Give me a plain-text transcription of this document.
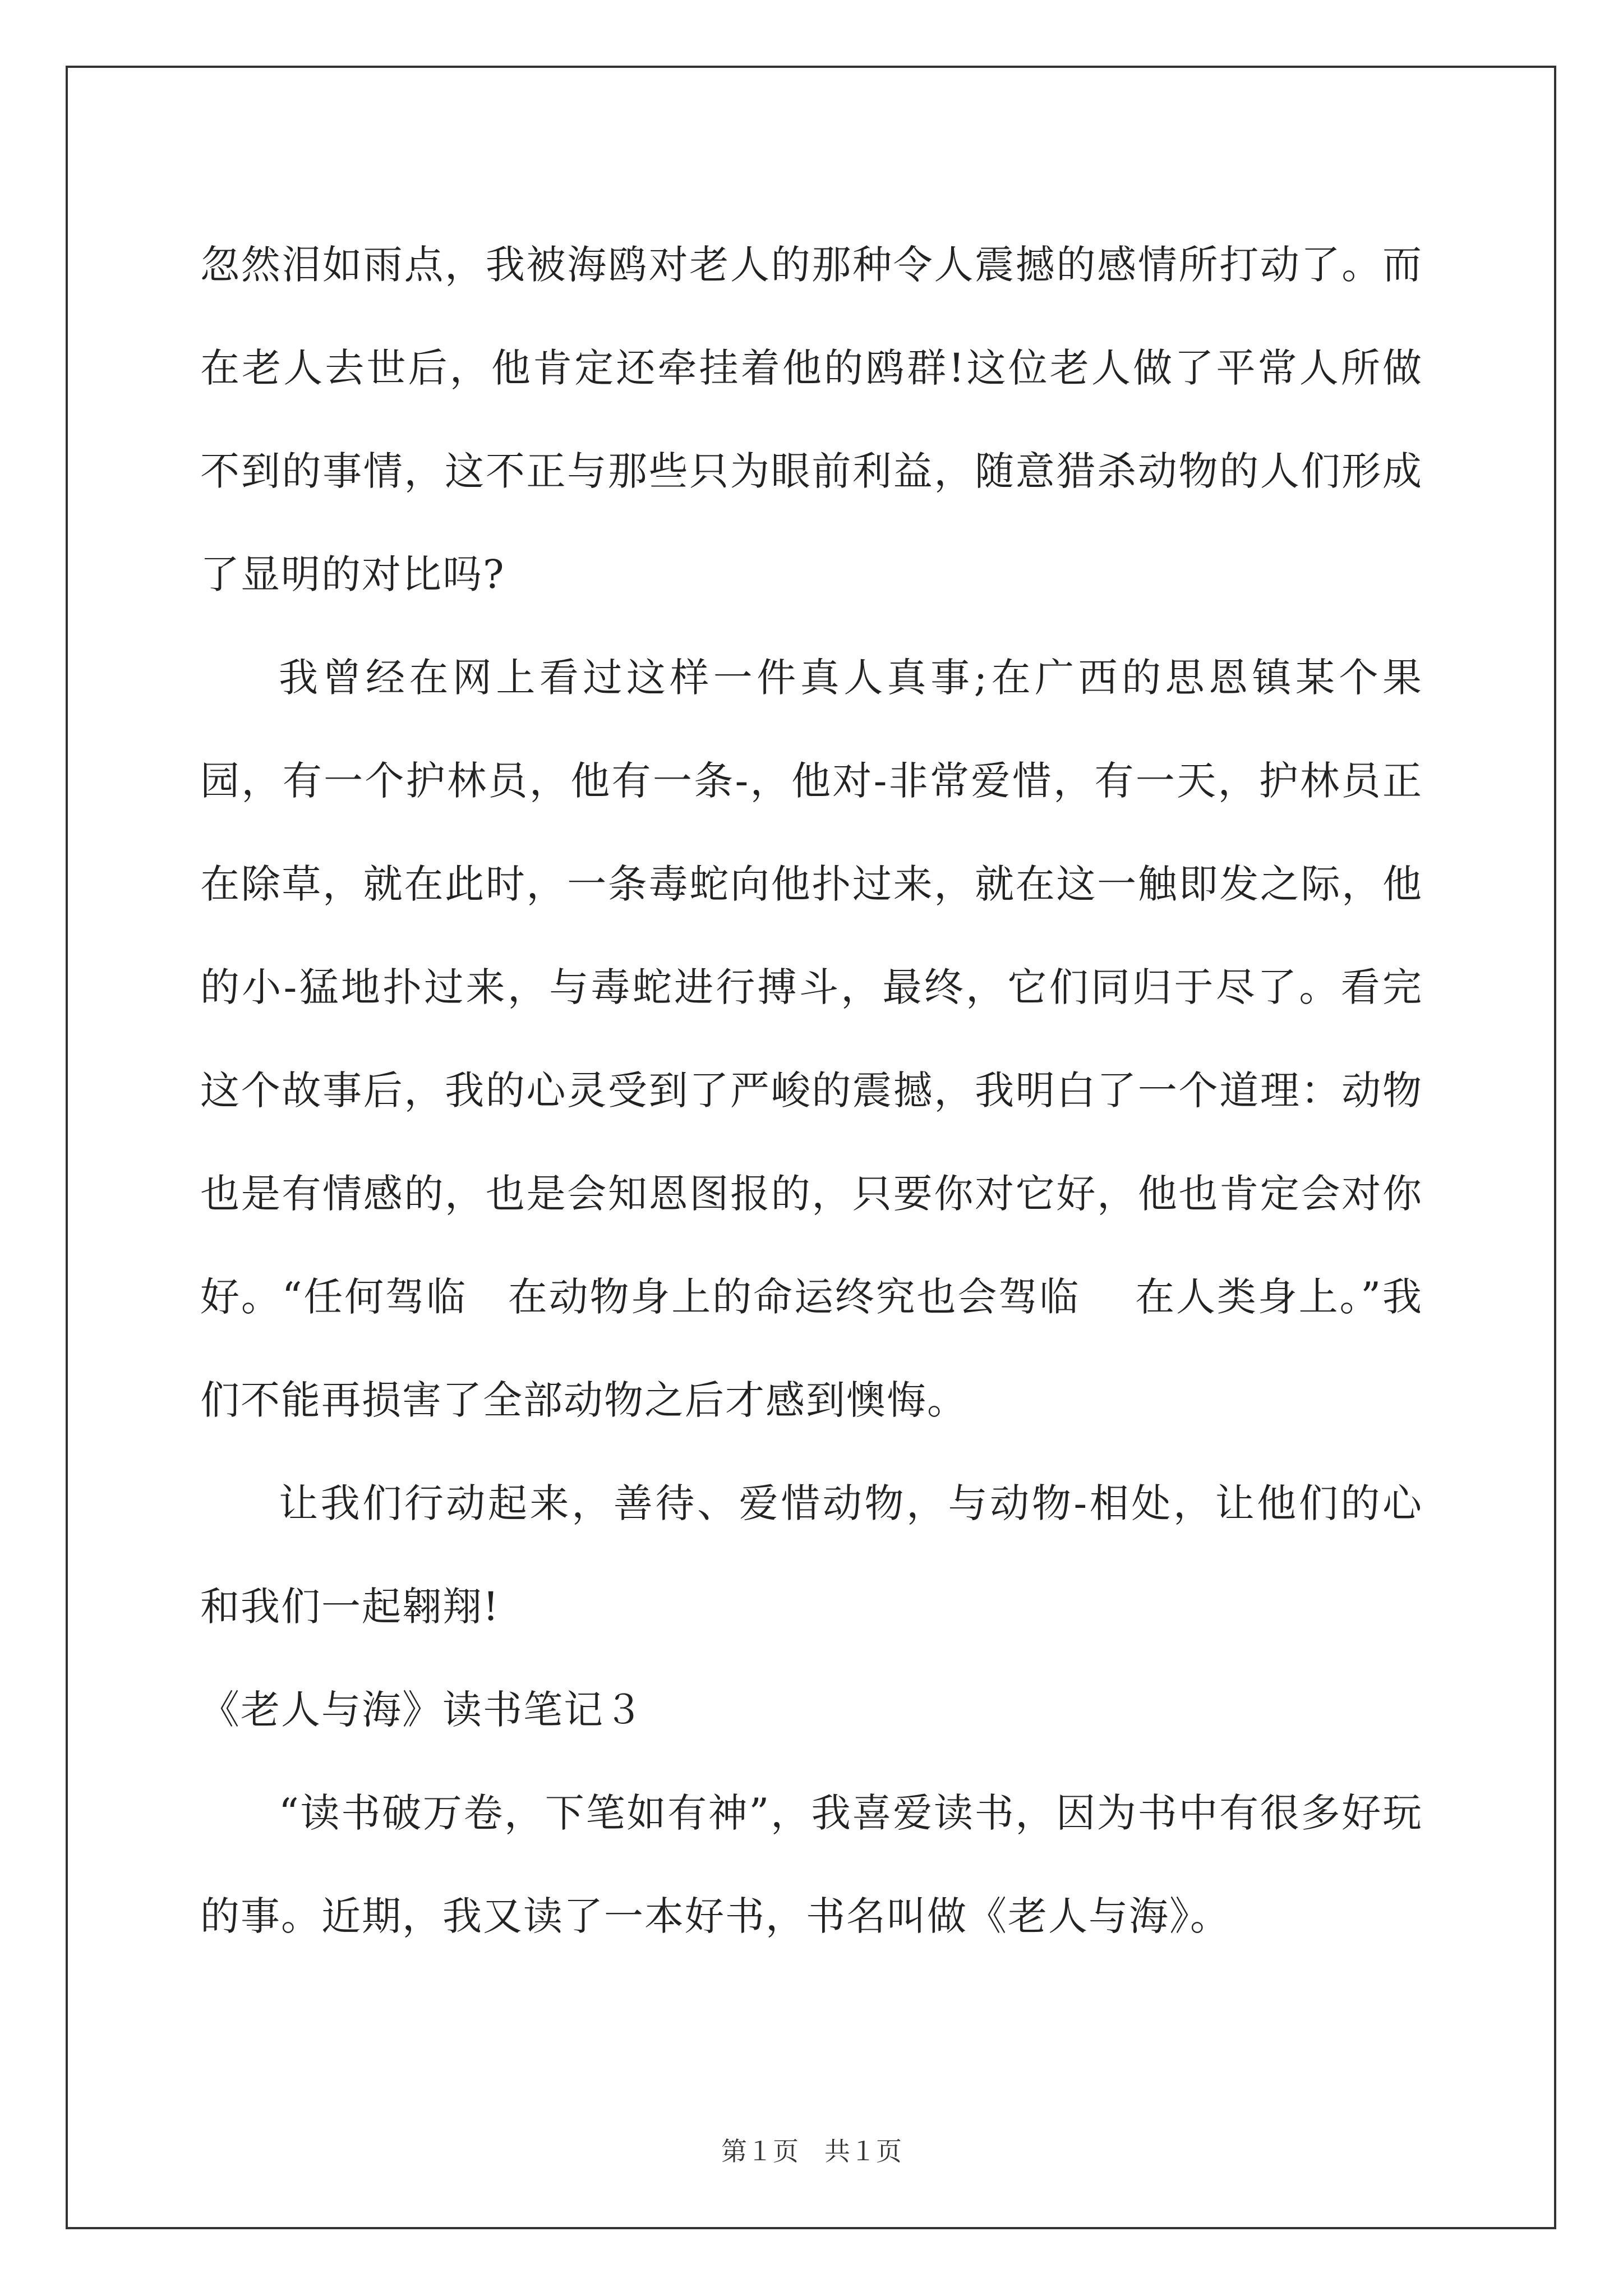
忽然泪如雨点，我被海鸥对老人的那种令人震撼的感情所打动了。而在老人去世后，他肯定还牵挂着他的鸥群!这位老人做了平常人所做不到的事情，这不正与那些只为眼前利益，随意猎杀动物的人们形成了显明的对比吗?

我曾经在网上看过这样一件真人真事;在广西的思恩镇某个果园，有一个护林员，他有一条-，他对-非常爱惜，有一天，护林员正在除草，就在此时，一条毒蛇向他扑过来，就在这一触即发之际，他的小-猛地扑过来，与毒蛇进行搏斗，最终，它们同归于尽了。看完这个故事后，我的心灵受到了严峻的震撼，我明白了一个道理：动物也是有情感的，也是会知恩图报的，只要你对它好，他也肯定会对你好。“任何驾临　在动物身上的命运终究也会驾临　 在人类身上。”我们不能再损害了全部动物之后才感到懊悔。

让我们行动起来，善待、爱惜动物，与动物-相处，让他们的心和我们一起翱翔!

《老人与海》读书笔记３

“读书破万卷，下笔如有神”，我喜爱读书，因为书中有很多好玩的事。近期，我又读了一本好书，书名叫做《老人与海》。

第１页　共１页
